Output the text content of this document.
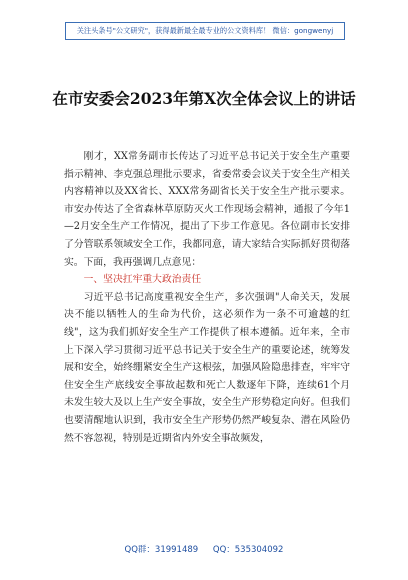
关注头条号"公文研究"，获得最新最全最专业的公文资料库！ 微信：gongwenyj
在市安委会2023年第X次全体会议上的讲话

刚才，XX常务副市长传达了习近平总书记关于安全生产重要指示精神、李克强总理批示要求，省委常委会议关于安全生产相关内容精神以及XX省长、XXX常务副省长关于安全生产批示要求。市安办传达了全省森林草原防灭火工作现场会精神，通报了今年1—2月安全生产工作情况，提出了下步工作意见。各位副市长安排了分管联系领域安全工作，我都同意，请大家结合实际抓好贯彻落实。下面，我再强调几点意见：

一、坚决扛牢重大政治责任

习近平总书记高度重视安全生产，多次强调"人命关天，发展决不能以牺牲人的生命为代价，这必须作为一条不可逾越的红线"，这为我们抓好安全生产工作提供了根本遵循。近年来，全市上下深入学习贯彻习近平总书记关于安全生产的重要论述，统筹发展和安全，始终绷紧安全生产这根弦，加强风险隐患排查，牢牢守住安全生产底线安全事故起数和死亡人数逐年下降，连续61个月未发生较大及以上生产安全事故，安全生产形势稳定向好。但我们也要清醒地认识到，我市安全生产形势仍然严峻复杂、潜在风险仍然不容忽视，特别是近期省内外安全事故频发，

QQ群：31991489 QQ：535304092
